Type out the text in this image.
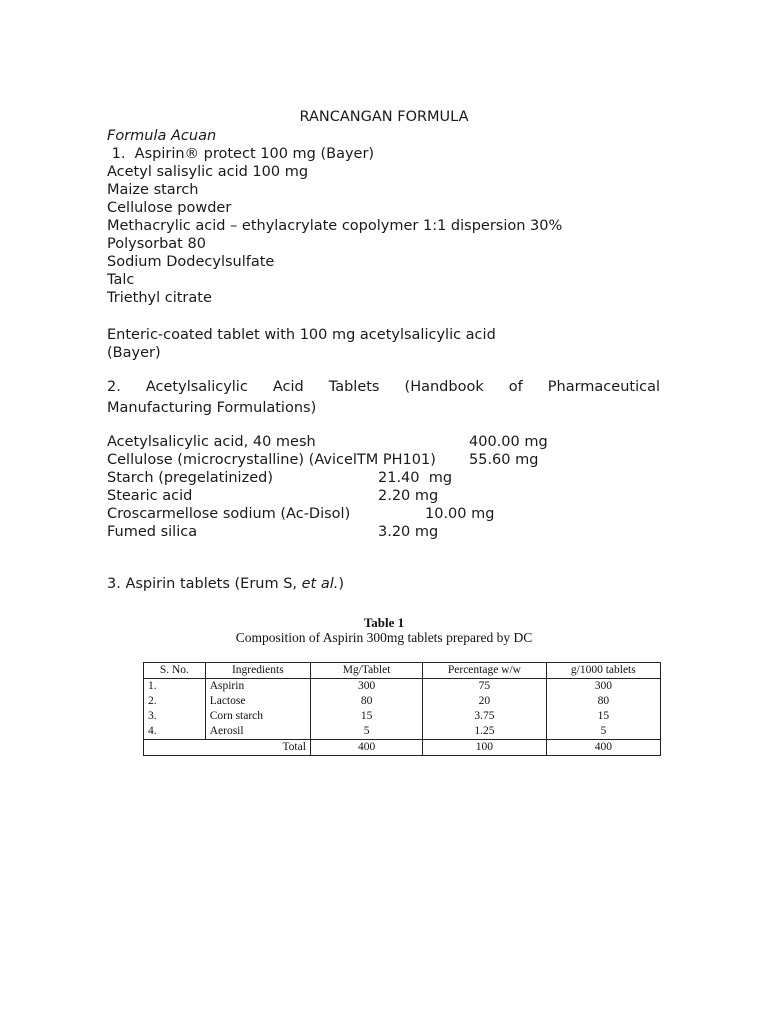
RANCANGAN FORMULA
Formula Acuan
1.  Aspirin® protect 100 mg (Bayer)
Acetyl salisylic acid 100 mg
Maize starch
Cellulose powder
Methacrylic acid – ethylacrylate copolymer 1:1 dispersion 30%
Polysorbat 80
Sodium Dodecylsulfate
Talc
Triethyl citrate
Enteric-coated tablet with 100 mg acetylsalicylic acid
(Bayer)
2. Acetylsalicylic Acid Tablets (Handbook of Pharmaceutical
Manufacturing Formulations)
Acetylsalicylic acid, 40 mesh	400.00 mg
Cellulose (microcrystalline) (AvicelTM PH101) 55.60 mg
Starch (pregelatinized)	21.40  mg
Stearic acid	2.20 mg
Croscarmellose sodium (Ac-Disol)	10.00 mg
Fumed silica	3.20 mg
3. Aspirin tablets (Erum S, et al.)
Table 1
Composition of Aspirin 300mg tablets prepared by DC
S. No.	Ingredients	Mg/Tablet	Percentage w/w	g/1000 tablets
1.	Aspirin	300	75	300
2.	Lactose	80	20	80
3.	Corn starch	15	3.75	15
4.	Aerosil	5	1.25	5
Total		400	100	400
